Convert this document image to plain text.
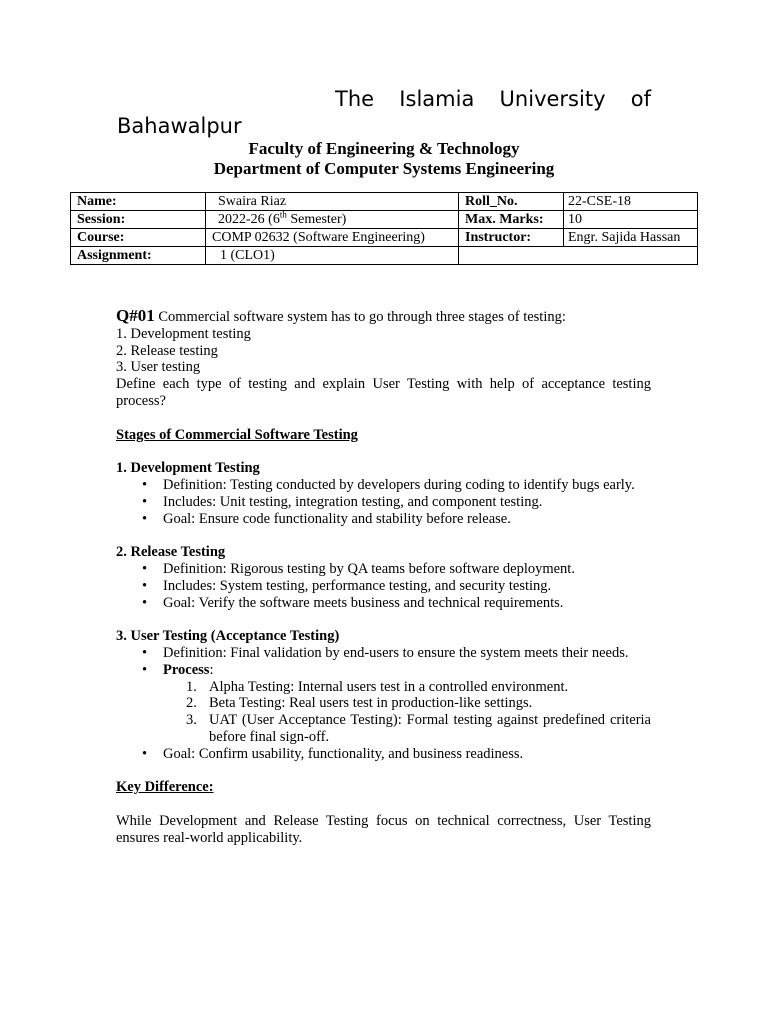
The Islamia University of Bahawalpur
Faculty of Engineering & Technology
Department of Computer Systems Engineering
Name:	Swaira Riaz	Roll_No.	22-CSE-18
Session:	2022-26 (6th Semester)	Max. Marks:	10
Course:	COMP 02632 (Software Engineering)	Instructor:	Engr. Sajida Hassan
Assignment:	1 (CLO1)		

Q#01 Commercial software system has to go through three stages of testing:

1. Development testing

2. Release testing

3. User testing

Define each type of testing and explain User Testing with help of acceptance testing process?

Stages of Commercial Software Testing

1. Development Testing

• Definition: Testing conducted by developers during coding to identify bugs early.
• Includes: Unit testing, integration testing, and component testing.
• Goal: Ensure code functionality and stability before release.

2. Release Testing

• Definition: Rigorous testing by QA teams before software deployment.
• Includes: System testing, performance testing, and security testing.
• Goal: Verify the software meets business and technical requirements.

3. User Testing (Acceptance Testing)

• Definition: Final validation by end-users to ensure the system meets their needs.
• Process:
1. Alpha Testing: Internal users test in a controlled environment.
2. Beta Testing: Real users test in production-like settings.
3. UAT (User Acceptance Testing): Formal testing against predefined criteria before final sign-off.
• Goal: Confirm usability, functionality, and business readiness.

Key Difference:

While Development and Release Testing focus on technical correctness, User Testing ensures real-world applicability.
